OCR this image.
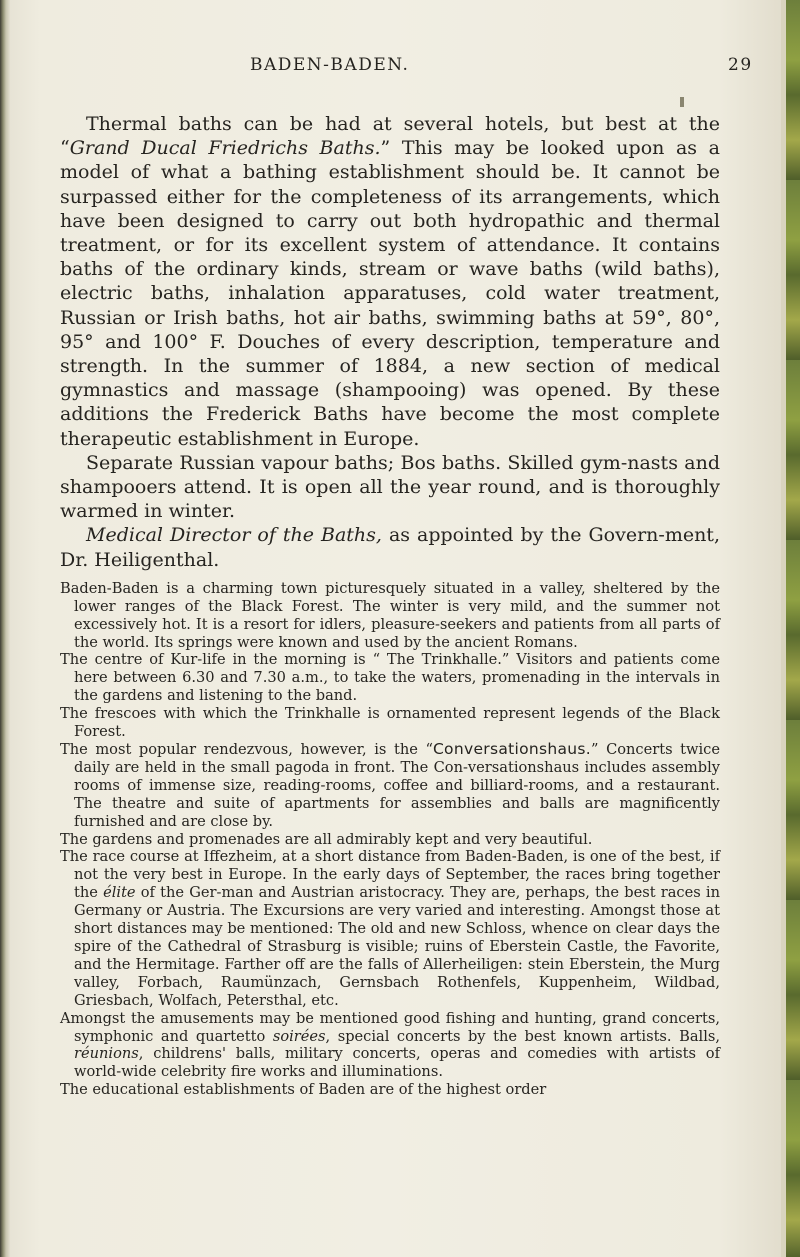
BADEN-BADEN.	29

Thermal baths can be had at several hotels, but best at the “Grand Ducal Friedrichs Baths.” This may be looked upon as a model of what a bathing establishment should be. It cannot be surpassed either for the completeness of its arrangements, which have been designed to carry out both hydropathic and thermal treatment, or for its excellent system of attendance. It contains baths of the ordinary kinds, stream or wave baths (wild baths), electric baths, inhalation apparatuses, cold water treatment, Russian or Irish baths, hot air baths, swimming baths at 59°, 80°, 95° and 100° F. Douches of every description, temperature and strength. In the summer of 1884, a new section of medical gymnastics and massage (shampooing) was opened. By these additions the Frederick Baths have become the most complete therapeutic establishment in Europe.

Separate Russian vapour baths; Bos baths. Skilled gym-nasts and shampooers attend. It is open all the year round, and is thoroughly warmed in winter.

Medical Director of the Baths, as appointed by the Govern-ment, Dr. Heiligenthal.

Baden-Baden is a charming town picturesquely situated in a valley, sheltered by the lower ranges of the Black Forest. The winter is very mild, and the summer not excessively hot. It is a resort for idlers, pleasure-seekers and patients from all parts of the world. Its springs were known and used by the ancient Romans.

The centre of Kur-life in the morning is “ The Trinkhalle.” Visitors and patients come here between 6.30 and 7.30 a.m., to take the waters, promenading in the intervals in the gardens and listening to the band.

The frescoes with which the Trinkhalle is ornamented represent legends of the Black Forest.

The most popular rendezvous, however, is the “Conversationshaus.” Concerts twice daily are held in the small pagoda in front. The Con-versationshaus includes assembly rooms of immense size, reading-rooms, coffee and billiard-rooms, and a restaurant. The theatre and suite of apartments for assemblies and balls are magnificently furnished and are close by.

The gardens and promenades are all admirably kept and very beautiful.

The race course at Iffezheim, at a short distance from Baden-Baden, is one of the best, if not the very best in Europe. In the early days of September, the races bring together the élite of the Ger-man and Austrian aristocracy. They are, perhaps, the best races in Germany or Austria. The Excursions are very varied and interesting. Amongst those at short distances may be mentioned: The old and new Schloss, whence on clear days the spire of the Cathedral of Strasburg is visible; ruins of Eberstein Castle, the Favorite, and the Hermitage. Farther off are the falls of Allerheiligen: stein Eberstein, the Murg valley, Forbach, Raumünzach, Gernsbach Rothenfels, Kuppenheim, Wildbad, Griesbach, Wolfach, Petersthal, etc.

Amongst the amusements may be mentioned good fishing and hunting, grand concerts, symphonic and quartetto soirées, special concerts by the best known artists. Balls, réunions, childrens' balls, military concerts, operas and comedies with artists of world-wide celebrity fire works and illuminations.

The educational establishments of Baden are of the highest order
